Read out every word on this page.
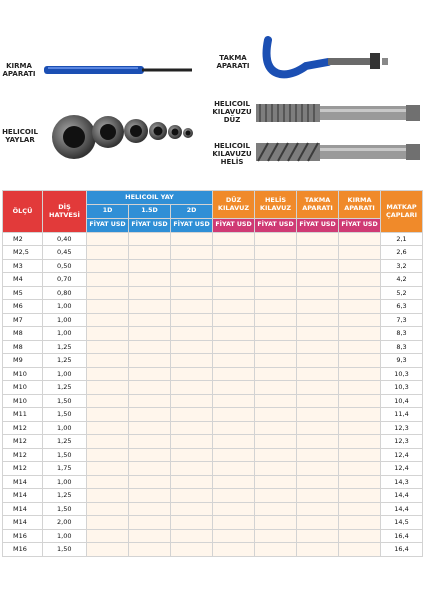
KIRMA APARATI
TAKMA APARATI
HELICOIL YAYLAR
HELICOIL KILAVUZU DÜZ
HELICOIL KILAVUZU HELİS
ÖLÇÜ	DİŞ HATVESİ	HELICOIL YAY			DÜZ KILAVUZ	HELİS KILAVUZ	TAKMA APARATI	KIRMA APARATI	MATKAP ÇAPLARI
		1D	1.5D	2D					
		FİYAT USD	FİYAT USD	FİYAT USD	FİYAT USD	FİYAT USD	FİYAT USD	FİYAT USD	
M2	0,40								2,1
M2,5	0,45								2,6
M3	0,50								3,2
M4	0,70								4,2
M5	0,80								5,2
M6	1,00								6,3
M7	1,00								7,3
M8	1,00								8,3
M8	1,25								8,3
M9	1,25								9,3
M10	1,00								10,3
M10	1,25								10,3
M10	1,50								10,4
M11	1,50								11,4
M12	1,00								12,3
M12	1,25								12,3
M12	1,50								12,4
M12	1,75								12,4
M14	1,00								14,3
M14	1,25								14,4
M14	1,50								14,4
M14	2,00								14,5
M16	1,00								16,4
M16	1,50								16,4
